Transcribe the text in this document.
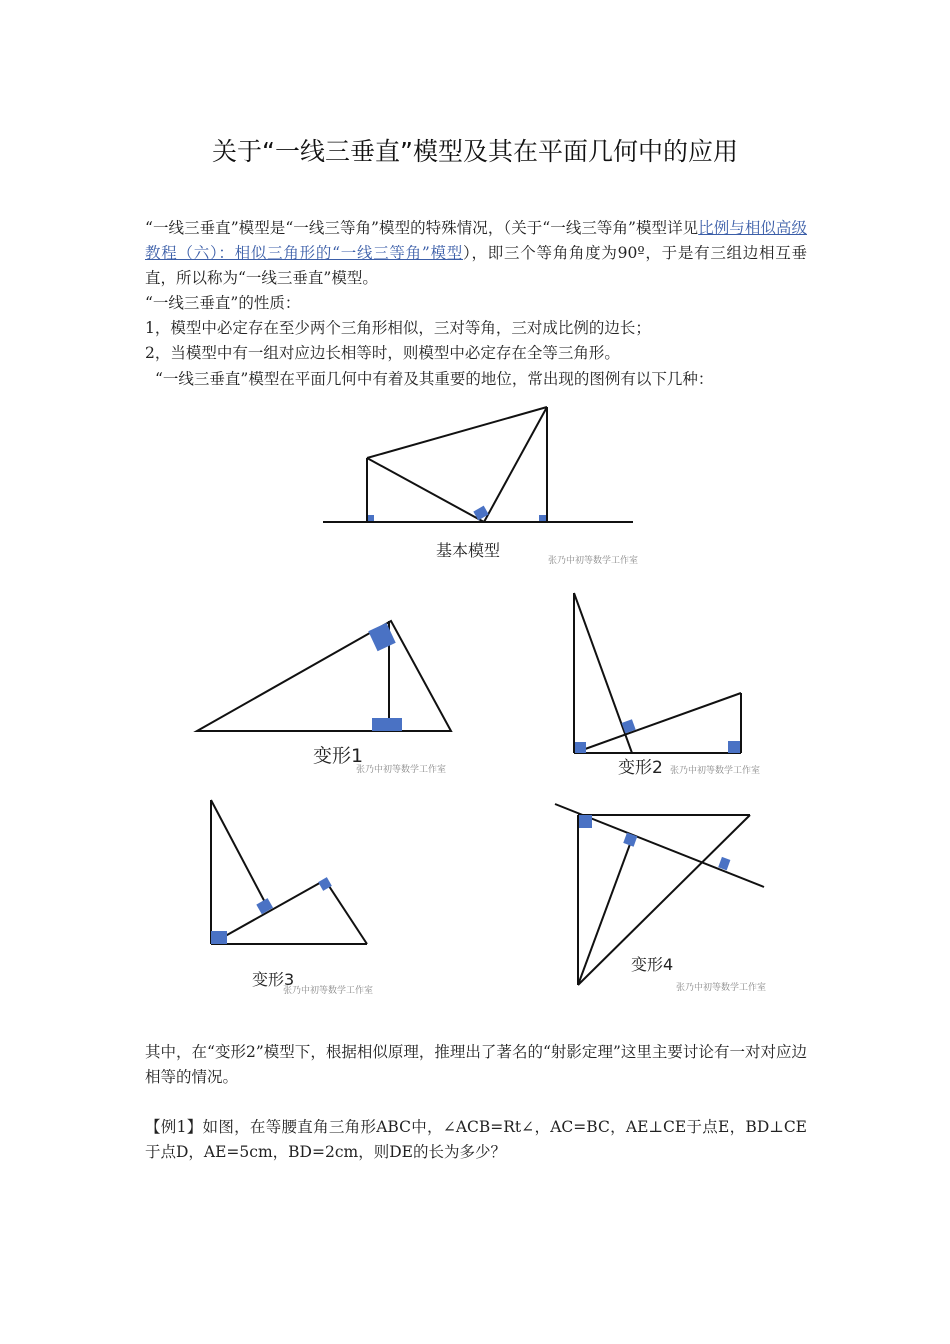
关于“一线三垂直”模型及其在平面几何中的应用

“一线三垂直”模型是“一线三等角”模型的特殊情况，（关于“一线三等角”模型详见比例与相似高级教程（六）：相似三角形的“一线三等角”模型），即三个等角角度为90º，于是有三组边相互垂直，所以称为“一线三垂直”模型。

“一线三垂直”的性质：

1，模型中必定存在至少两个三角形相似，三对等角，三对成比例的边长；

2，当模型中有一组对应边长相等时，则模型中必定存在全等三角形。

“一线三垂直”模型在平面几何中有着及其重要的地位，常出现的图例有以下几种：

基本模型
张乃中初等数学工作室
变形1
张乃中初等数学工作室	变形2 张乃中初等数学工作室
变形3
张乃中初等数学工作室
变形4
张乃中初等数学工作室

其中，在“变形2”模型下，根据相似原理，推理出了著名的“射影定理”这里主要讨论有一对对应边相等的情况。

【例1】如图，在等腰直角三角形ABC中，∠ACB=Rt∠，AC=BC，AE⊥CE于点E，BD⊥CE于点D，AE=5cm，BD=2cm，则DE的长为多少？
